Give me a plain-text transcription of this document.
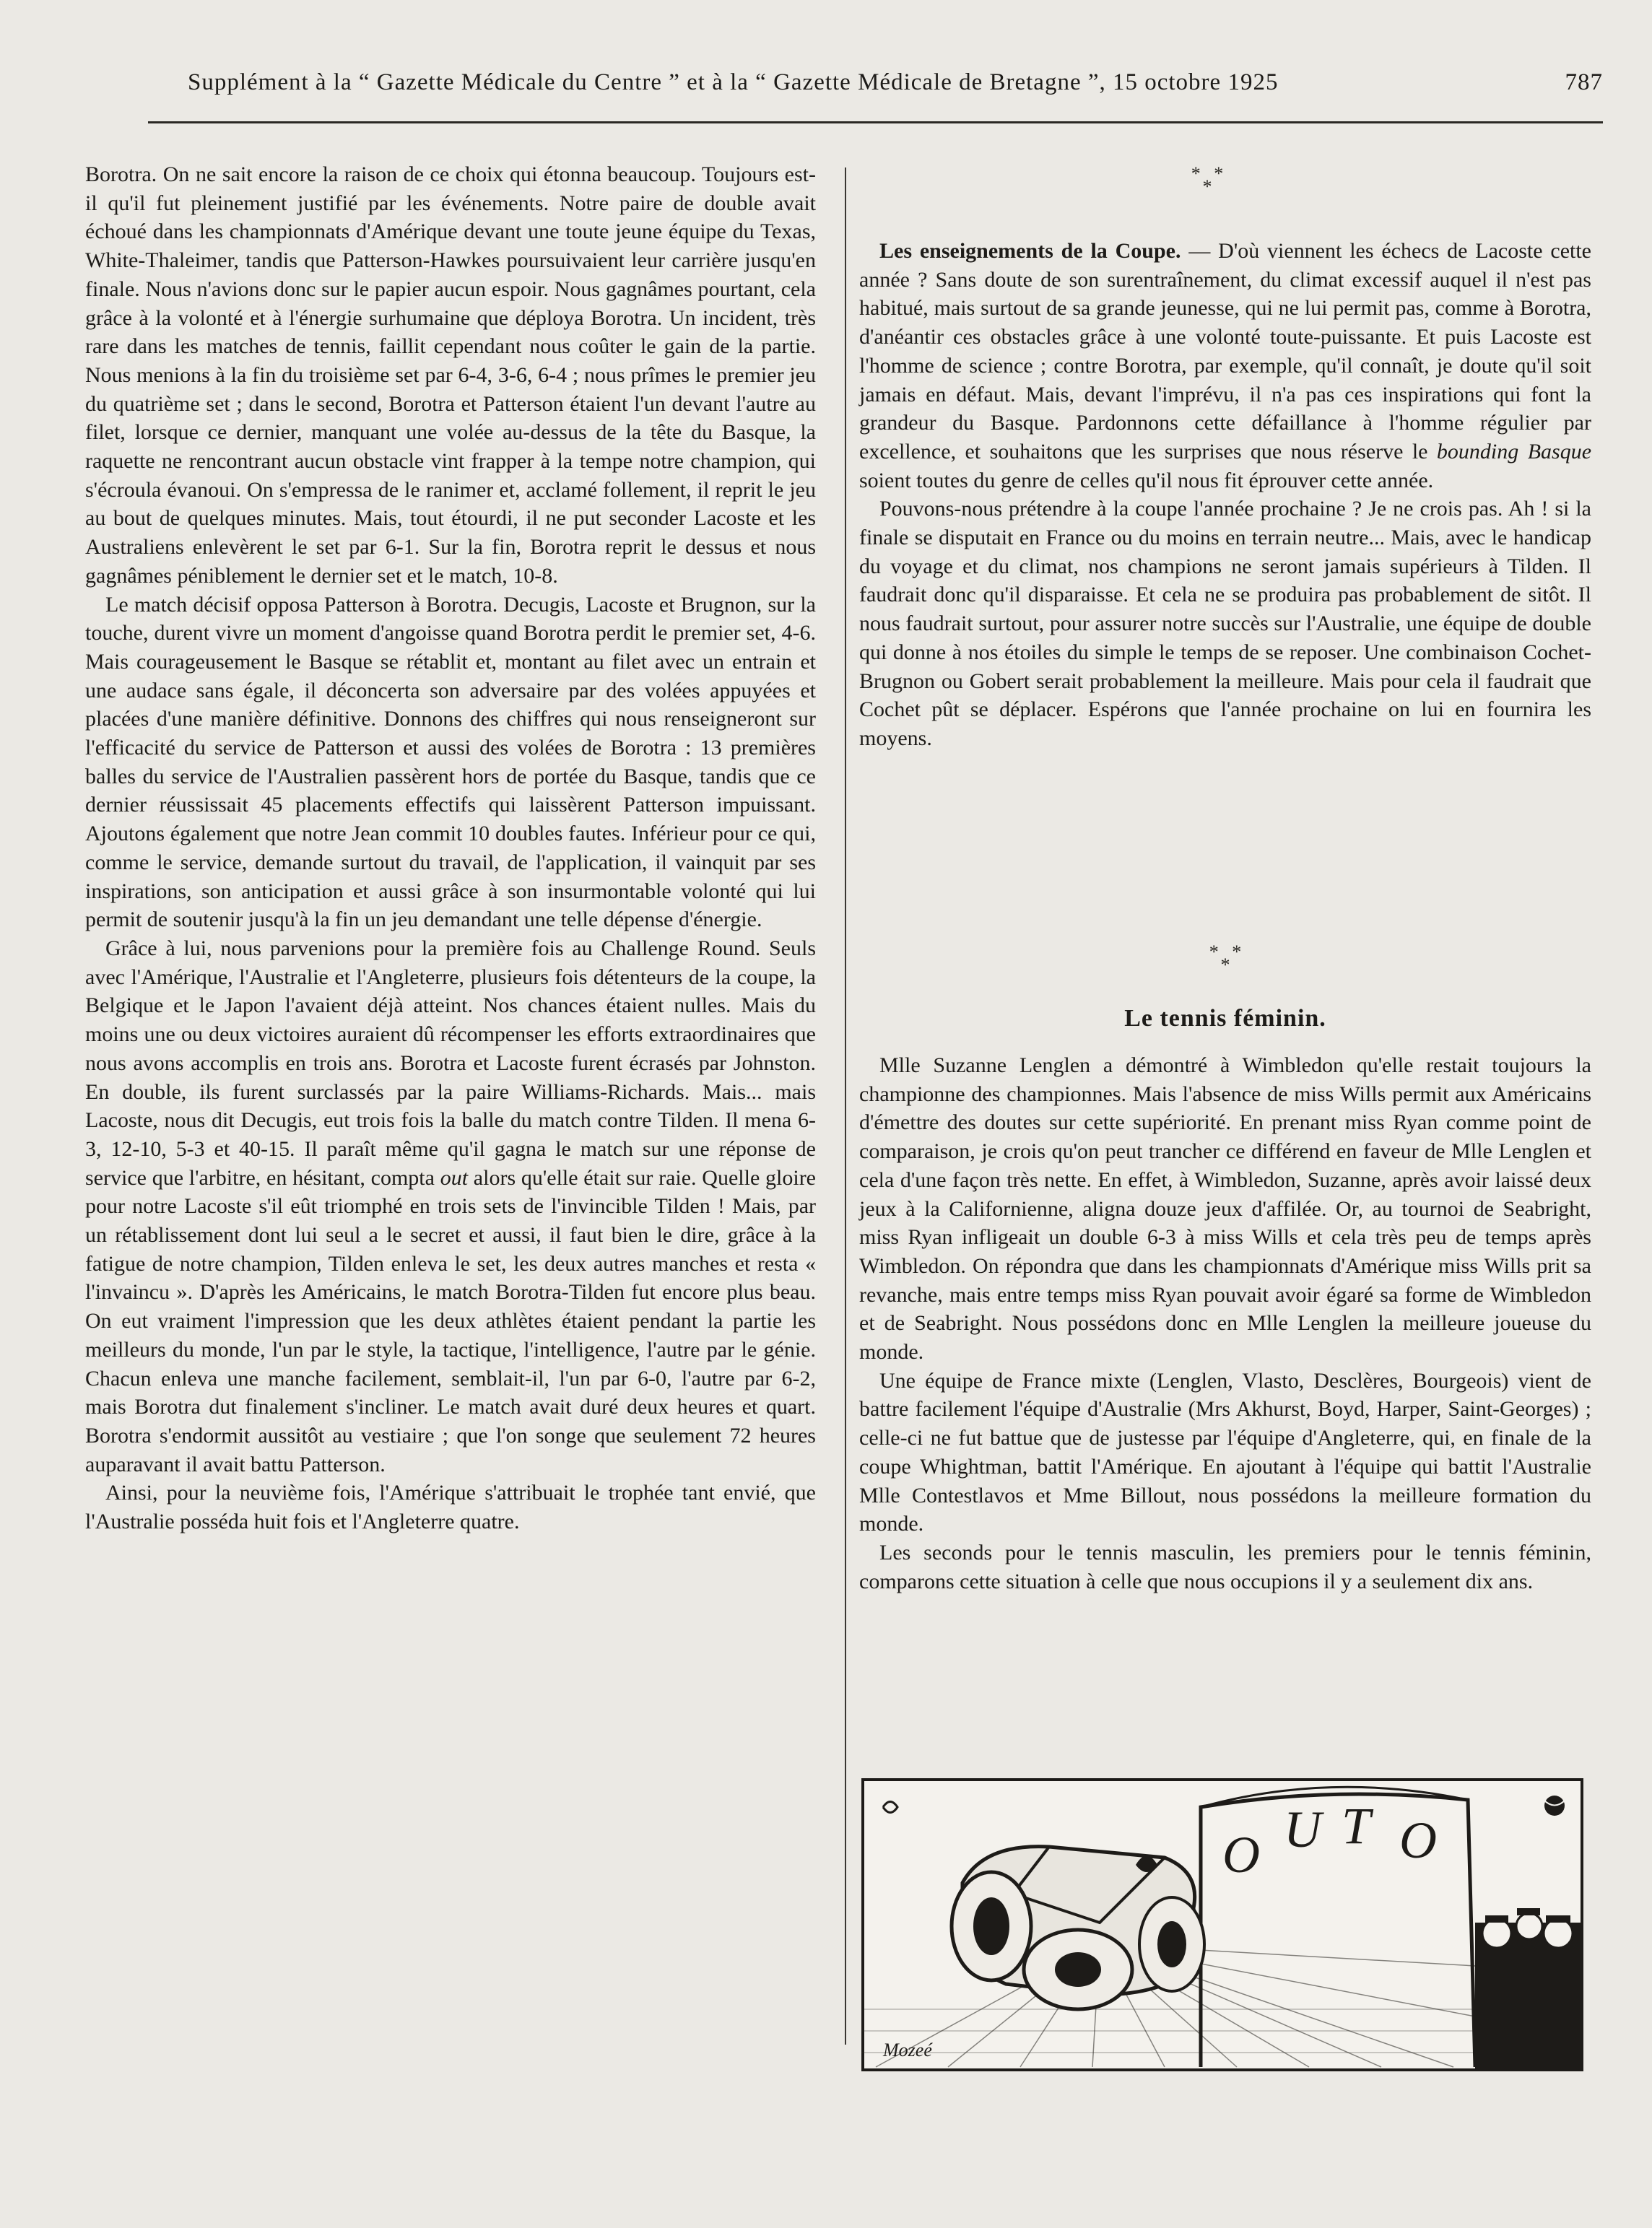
Supplément à la “ Gazette Médicale du Centre ” et à la “ Gazette Médicale de Bretagne ”, 15 octobre 1925	787

Borotra. On ne sait encore la raison de ce choix qui étonna beaucoup. Toujours est-il qu'il fut pleinement justifié par les événements. Notre paire de double avait échoué dans les championnats d'Amérique devant une toute jeune équipe du Texas, White-Thaleimer, tandis que Patterson-Hawkes poursuivaient leur carrière jusqu'en finale. Nous n'avions donc sur le papier aucun espoir. Nous gagnâmes pourtant, cela grâce à la volonté et à l'énergie surhumaine que déploya Borotra. Un incident, très rare dans les matches de tennis, faillit cependant nous coûter le gain de la partie. Nous menions à la fin du troisième set par 6-4, 3-6, 6-4 ; nous prîmes le premier jeu du quatrième set ; dans le second, Borotra et Patterson étaient l'un devant l'autre au filet, lorsque ce dernier, manquant une volée au-dessus de la tête du Basque, la raquette ne rencontrant aucun obstacle vint frapper à la tempe notre champion, qui s'écroula évanoui. On s'empressa de le ranimer et, acclamé follement, il reprit le jeu au bout de quelques minutes. Mais, tout étourdi, il ne put seconder Lacoste et les Australiens enlevèrent le set par 6-1. Sur la fin, Borotra reprit le dessus et nous gagnâmes péniblement le dernier set et le match, 10-8.

Le match décisif opposa Patterson à Borotra. Decugis, Lacoste et Brugnon, sur la touche, durent vivre un moment d'angoisse quand Borotra perdit le premier set, 4-6. Mais courageusement le Basque se rétablit et, montant au filet avec un entrain et une audace sans égale, il déconcerta son adversaire par des volées appuyées et placées d'une manière définitive. Donnons des chiffres qui nous renseigneront sur l'efficacité du service de Patterson et aussi des volées de Borotra : 13 premières balles du service de l'Australien passèrent hors de portée du Basque, tandis que ce dernier réussissait 45 placements effectifs qui laissèrent Patterson impuissant. Ajoutons également que notre Jean commit 10 doubles fautes. Inférieur pour ce qui, comme le service, demande surtout du travail, de l'application, il vainquit par ses inspirations, son anticipation et aussi grâce à son insurmontable volonté qui lui permit de soutenir jusqu'à la fin un jeu demandant une telle dépense d'énergie.

Grâce à lui, nous parvenions pour la première fois au Challenge Round. Seuls avec l'Amérique, l'Australie et l'Angleterre, plusieurs fois détenteurs de la coupe, la Belgique et le Japon l'avaient déjà atteint. Nos chances étaient nulles. Mais du moins une ou deux victoires auraient dû récompenser les efforts extraordinaires que nous avons accomplis en trois ans. Borotra et Lacoste furent écrasés par Johnston. En double, ils furent surclassés par la paire Williams-Richards. Mais... mais Lacoste, nous dit Decugis, eut trois fois la balle du match contre Tilden. Il mena 6-3, 12-10, 5-3 et 40-15. Il paraît même qu'il gagna le match sur une réponse de service que l'arbitre, en hésitant, compta out alors qu'elle était sur raie. Quelle gloire pour notre Lacoste s'il eût triomphé en trois sets de l'invincible Tilden ! Mais, par un rétablissement dont lui seul a le secret et aussi, il faut bien le dire, grâce à la fatigue de notre champion, Tilden enleva le set, les deux autres manches et resta « l'invaincu ». D'après les Américains, le match Borotra-Tilden fut encore plus beau. On eut vraiment l'impression que les deux athlètes étaient pendant la partie les meilleurs du monde, l'un par le style, la tactique, l'intelligence, l'autre par le génie. Chacun enleva une manche facilement, semblait-il, l'un par 6-0, l'autre par 6-2, mais Borotra dut finalement s'incliner. Le match avait duré deux heures et quart. Borotra s'endormit aussitôt au vestiaire ; que l'on songe que seulement 72 heures auparavant il avait battu Patterson.

Ainsi, pour la neuvième fois, l'Amérique s'attribuait le trophée tant envié, que l'Australie posséda huit fois et l'Angleterre quatre.

* * *

Les enseignements de la Coupe. — D'où viennent les échecs de Lacoste cette année ? Sans doute de son surentraînement, du climat excessif auquel il n'est pas habitué, mais surtout de sa grande jeunesse, qui ne lui permit pas, comme à Borotra, d'anéantir ces obstacles grâce à une volonté toute-puissante. Et puis Lacoste est l'homme de science ; contre Borotra, par exemple, qu'il connaît, je doute qu'il soit jamais en défaut. Mais, devant l'imprévu, il n'a pas ces inspirations qui font la grandeur du Basque. Pardonnons cette défaillance à l'homme régulier par excellence, et souhaitons que les surprises que nous réserve le bounding Basque soient toutes du genre de celles qu'il nous fit éprouver cette année.

Pouvons-nous prétendre à la coupe l'année prochaine ? Je ne crois pas. Ah ! si la finale se disputait en France ou du moins en terrain neutre... Mais, avec le handicap du voyage et du climat, nos champions ne seront jamais supérieurs à Tilden. Il faudrait donc qu'il disparaisse. Et cela ne se produira pas probablement de sitôt. Il nous faudrait surtout, pour assurer notre succès sur l'Australie, une équipe de double qui donne à nos étoiles du simple le temps de se reposer. Une combinaison Cochet-Brugnon ou Gobert serait probablement la meilleure. Mais pour cela il faudrait que Cochet pût se déplacer. Espérons que l'année prochaine on lui en fournira les moyens.

* * *
Le tennis féminin.

Mlle Suzanne Lenglen a démontré à Wimbledon qu'elle restait toujours la championne des championnes. Mais l'absence de miss Wills permit aux Américains d'émettre des doutes sur cette supériorité. En prenant miss Ryan comme point de comparaison, je crois qu'on peut trancher ce différend en faveur de Mlle Lenglen et cela d'une façon très nette. En effet, à Wimbledon, Suzanne, après avoir laissé deux jeux à la Californienne, aligna douze jeux d'affilée. Or, au tournoi de Seabright, miss Ryan infligeait un double 6-3 à miss Wills et cela très peu de temps après Wimbledon. On répondra que dans les championnats d'Amérique miss Wills prit sa revanche, mais entre temps miss Ryan pouvait avoir égaré sa forme de Wimbledon et de Seabright. Nous possédons donc en Mlle Lenglen la meilleure joueuse du monde.

Une équipe de France mixte (Lenglen, Vlasto, Desclères, Bourgeois) vient de battre facilement l'équipe d'Australie (Mrs Akhurst, Boyd, Harper, Saint-Georges) ; celle-ci ne fut battue que de justesse par l'équipe d'Angleterre, qui, en finale de la coupe Whightman, battit l'Amérique. En ajoutant à l'équipe qui battit l'Australie Mlle Contestlavos et Mme Billout, nous possédons la meilleure formation du monde.

Les seconds pour le tennis masculin, les premiers pour le tennis féminin, comparons cette situation à celle que nous occupions il y a seulement dix ans.

O U T O
Mozeé
